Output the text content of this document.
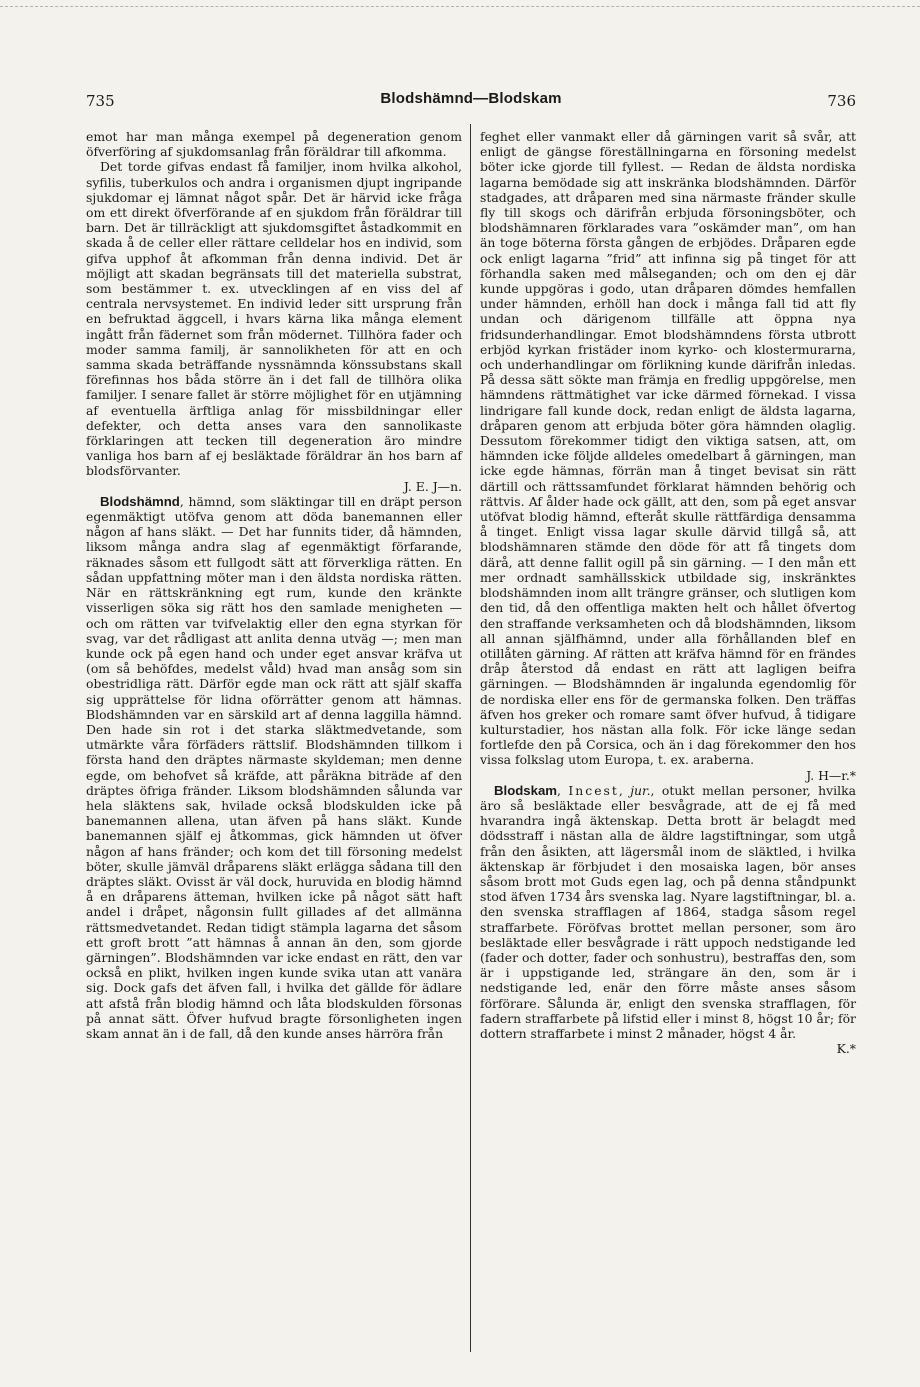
735	Blodshämnd—Blodskam	736

emot har man många exempel på degeneration genom öfverföring af sjukdomsanlag från föräldrar till afkomma.

Det torde gifvas endast få familjer, inom hvilka alkohol, syfilis, tuberkulos och andra i organismen djupt ingripande sjukdomar ej lämnat något spår. Det är härvid icke fråga om ett direkt öfverförande af en sjukdom från föräldrar till barn. Det är tillräckligt att sjukdomsgiftet åstadkommit en skada å de celler eller rättare celldelar hos en individ, som gifva upphof åt afkomman från denna individ. Det är möjligt att skadan begränsats till det materiella substrat, som bestämmer t. ex. utvecklingen af en viss del af centrala nervsystemet. En individ leder sitt ursprung från en befruktad äggcell, i hvars kärna lika många element ingått från fädernet som från mödernet. Tillhöra fader och moder samma familj, är sannolikheten för att en och samma skada beträffande nyssnämnda könssubstans skall förefinnas hos båda större än i det fall de tillhöra olika familjer. I senare fallet är större möjlighet för en utjämning af eventuella ärftliga anlag för missbildningar eller defekter, och detta anses vara den sannolikaste förklaringen att tecken till degeneration äro mindre vanliga hos barn af ej besläktade föräldrar än hos barn af blodsförvanter.
J. E. J—n.

Blodshämnd, hämnd, som släktingar till en dräpt person egenmäktigt utöfva genom att döda banemannen eller någon af hans släkt. — Det har funnits tider, då hämnden, liksom många andra slag af egenmäktigt förfarande, räknades såsom ett fullgodt sätt att förverkliga rätten. En sådan uppfattning möter man i den äldsta nordiska rätten. När en rättskränkning egt rum, kunde den kränkte visserligen söka sig rätt hos den samlade menigheten — och om rätten var tvifvelaktig eller den egna styrkan för svag, var det rådligast att anlita denna utväg —; men man kunde ock på egen hand och under eget ansvar kräfva ut (om så behöfdes, medelst våld) hvad man ansåg som sin obestridliga rätt. Därför egde man ock rätt att själf skaffa sig upprättelse för lidna oförrätter genom att hämnas. Blodshämnden var en särskild art af denna laggilla hämnd. Den hade sin rot i det starka släktmedvetande, som utmärkte våra förfäders rättslif. Blodshämnden tillkom i första hand den dräptes närmaste skyldeman; men denne egde, om behofvet så kräfde, att påräkna biträde af den dräptes öfriga fränder. Liksom blodshämnden sålunda var hela släktens sak, hvilade också blodskulden icke på banemannen allena, utan äfven på hans släkt. Kunde banemannen själf ej åtkommas, gick hämnden ut öfver någon af hans fränder; och kom det till försoning medelst böter, skulle jämväl dråparens släkt erlägga sådana till den dräptes släkt. Ovisst är väl dock, huruvida en blodig hämnd å en dråparens ätteman, hvilken icke på något sätt haft andel i dråpet, någonsin fullt gillades af det allmänna rättsmedvetandet. Redan tidigt stämpla lagarna det såsom ett groft brott ”att hämnas å annan än den, som gjorde gärningen”. Blodshämnden var icke endast en rätt, den var också en plikt, hvilken ingen kunde svika utan att vanära sig. Dock gafs det äfven fall, i hvilka det gällde för ädlare att afstå från blodig hämnd och låta blodskulden försonas på annat sätt. Öfver hufvud bragte försonligheten ingen skam annat än i de fall, då den kunde anses härröra från

feghet eller vanmakt eller då gärningen varit så svår, att enligt de gängse föreställningarna en försoning medelst böter icke gjorde till fyllest. — Redan de äldsta nordiska lagarna bemödade sig att inskränka blodshämnden. Därför stadgades, att dråparen med sina närmaste fränder skulle fly till skogs och därifrån erbjuda försoningsböter, och blodshämnaren förklarades vara ”oskämder man”, om han än toge böterna första gången de erbjödes. Dråparen egde ock enligt lagarna ”frid” att infinna sig på tinget för att förhandla saken med målseganden; och om den ej där kunde uppgöras i godo, utan dråparen dömdes hemfallen under hämnden, erhöll han dock i många fall tid att fly undan och därigenom tillfälle att öppna nya fridsunderhandlingar. Emot blodshämndens första utbrott erbjöd kyrkan fristäder inom kyrko- och klostermurarna, och underhandlingar om förlikning kunde därifrån inledas. På dessa sätt sökte man främja en fredlig uppgörelse, men hämndens rättmätighet var icke därmed förnekad. I vissa lindrigare fall kunde dock, redan enligt de äldsta lagarna, dråparen genom att erbjuda böter göra hämnden olaglig. Dessutom förekommer tidigt den viktiga satsen, att, om hämnden icke följde alldeles omedelbart å gärningen, man icke egde hämnas, förrän man å tinget bevisat sin rätt därtill och rättssamfundet förklarat hämnden behörig och rättvis. Af ålder hade ock gällt, att den, som på eget ansvar utöfvat blodig hämnd, efteråt skulle rättfärdiga densamma å tinget. Enligt vissa lagar skulle därvid tillgå så, att blodshämnaren stämde den döde för att få tingets dom därå, att denne fallit ogill på sin gärning. — I den mån ett mer ordnadt samhällsskick utbildade sig, inskränktes blodshämnden inom allt trängre gränser, och slutligen kom den tid, då den offentliga makten helt och hållet öfvertog den straffande verksamheten och då blodshämnden, liksom all annan själfhämnd, under alla förhållanden blef en otillåten gärning. Af rätten att kräfva hämnd för en frändes dråp återstod då endast en rätt att lagligen beifra gärningen. — Blodshämnden är ingalunda egendomlig för de nordiska eller ens för de germanska folken. Den träffas äfven hos greker och romare samt öfver hufvud, å tidigare kulturstadier, hos nästan alla folk. För icke länge sedan fortlefde den på Corsica, och än i dag förekommer den hos vissa folkslag utom Europa, t. ex. araberna.
J. H—r.*

Blodskam, Incest, jur., otukt mellan personer, hvilka äro så besläktade eller besvågrade, att de ej få med hvarandra ingå äktenskap. Detta brott är belagdt med dödsstraff i nästan alla de äldre lagstiftningar, som utgå från den åsikten, att lägersmål inom de släktled, i hvilka äktenskap är förbjudet i den mosaiska lagen, bör anses såsom brott mot Guds egen lag, och på denna ståndpunkt stod äfven 1734 års svenska lag. Nyare lagstiftningar, bl. a. den svenska strafflagen af 1864, stadga såsom regel straffarbete. Föröfvas brottet mellan personer, som äro besläktade eller besvågrade i rätt uppoch nedstigande led (fader och dotter, fader och sonhustru), bestraffas den, som är i uppstigande led, strängare än den, som är i nedstigande led, enär den förre måste anses såsom förförare. Sålunda är, enligt den svenska strafflagen, för fadern straffarbete på lifstid eller i minst 8, högst 10 år; för dottern straffarbete i minst 2 månader, högst 4 år.
K.*
